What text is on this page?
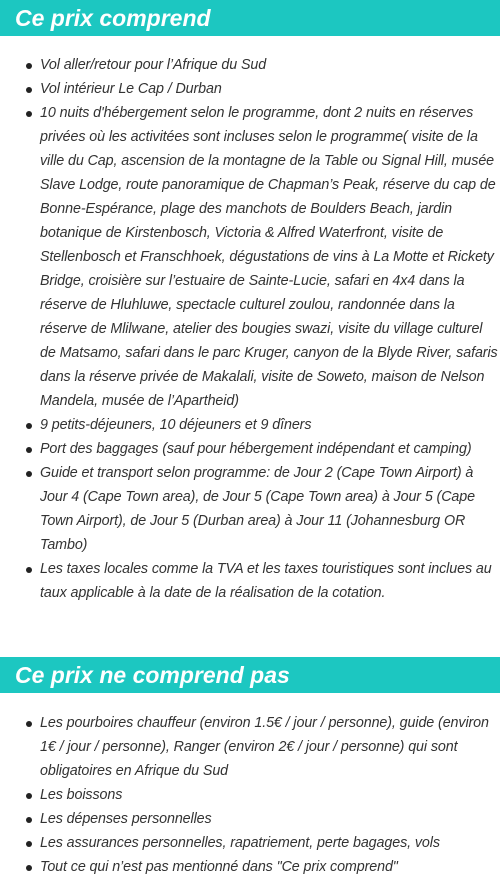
Ce prix comprend
Vol aller/retour pour l’Afrique du Sud
Vol intérieur Le Cap / Durban
10 nuits d'hébergement selon le programme, dont 2 nuits en réserves privées où les activitées sont incluses selon le programme( visite de la ville du Cap, ascension de la montagne de la Table ou Signal Hill, musée Slave Lodge, route panoramique de Chapman’s Peak, réserve du cap de Bonne-Espérance, plage des manchots de Boulders Beach, jardin botanique de Kirstenbosch, Victoria & Alfred Waterfront, visite de Stellenbosch et Franschhoek, dégustations de vins à La Motte et Rickety Bridge, croisière sur l’estuaire de Sainte-Lucie, safari en 4x4 dans la réserve de Hluhluwe, spectacle culturel zoulou, randonnée dans la réserve de Mlilwane, atelier des bougies swazi, visite du village culturel de Matsamo, safari dans le parc Kruger, canyon de la Blyde River, safaris dans la réserve privée de Makalali, visite de Soweto, maison de Nelson Mandela, musée de l’Apartheid)
9 petits-déjeuners, 10 déjeuners et 9 dîners
Port des baggages (sauf pour hébergement indépendant et camping)
Guide et transport selon programme: de Jour 2 (Cape Town Airport) à Jour 4 (Cape Town area), de Jour 5 (Cape Town area) à Jour 5 (Cape Town Airport), de Jour 5 (Durban area) à Jour 11 (Johannesburg OR Tambo)
Les taxes locales comme la TVA et les taxes touristiques sont inclues au taux applicable à la date de la réalisation de la cotation.
Ce prix ne comprend pas
Les pourboires chauffeur (environ 1.5€ / jour / personne), guide (environ 1€ / jour / personne), Ranger (environ 2€ / jour / personne) qui sont obligatoires en Afrique du Sud
Les boissons
Les dépenses personnelles
Les assurances personnelles, rapatriement, perte bagages, vols
Tout ce qui n’est pas mentionné dans "Ce prix comprend"
